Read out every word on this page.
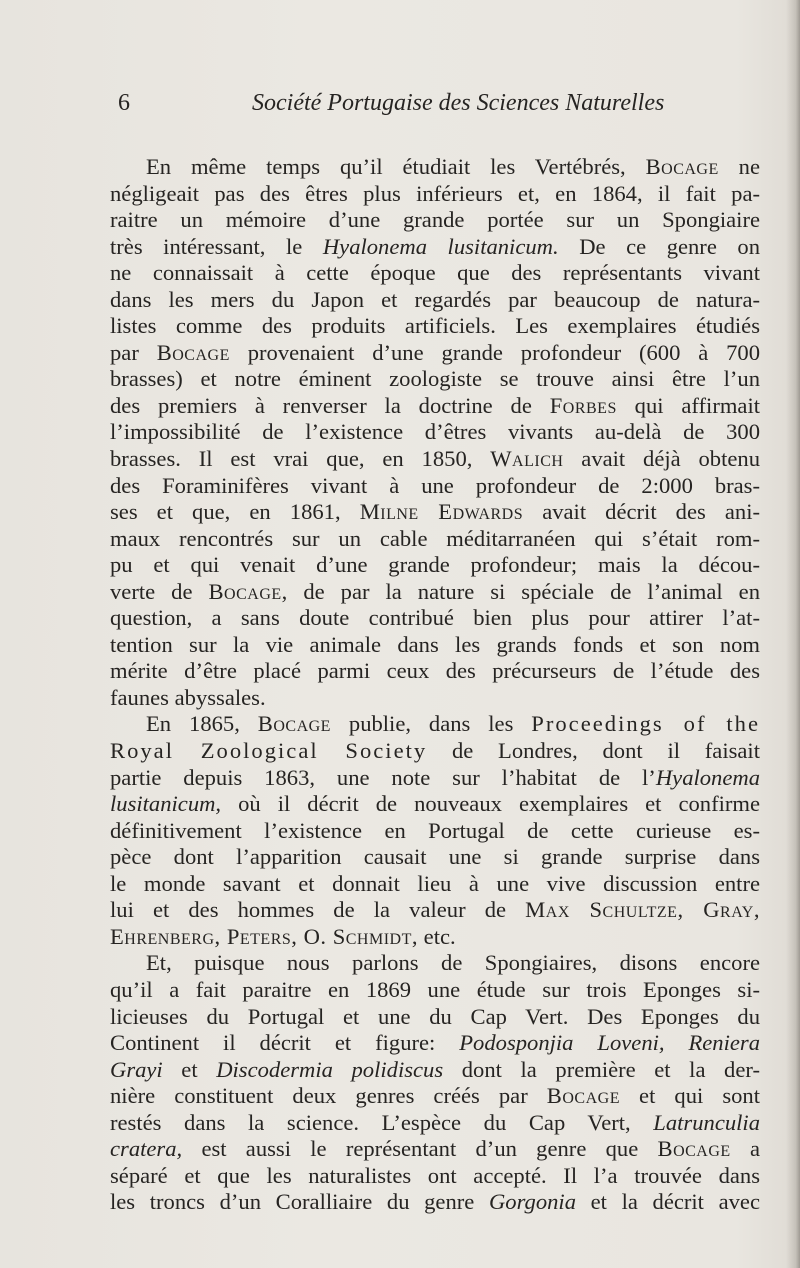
6	Société Portugaise des Sciences Naturelles
En même temps qu’il étudiait les Vertébrés, Bocage ne
négligeait pas des êtres plus inférieurs et, en 1864, il fait pa-
raitre un mémoire d’une grande portée sur un Spongiaire
très intéressant, le Hyalonema lusitanicum. De ce genre on
ne connaissait à cette époque que des représentants vivant
dans les mers du Japon et regardés par beaucoup de natura-
listes comme des produits artificiels. Les exemplaires étudiés
par Bocage provenaient d’une grande profondeur (600 à 700
brasses) et notre éminent zoologiste se trouve ainsi être l’un
des premiers à renverser la doctrine de Forbes qui affirmait
l’impossibilité de l’existence d’êtres vivants au-delà de 300
brasses. Il est vrai que, en 1850, Walich avait déjà obtenu
des Foraminifères vivant à une profondeur de 2:000 bras-
ses et que, en 1861, Milne Edwards avait décrit des ani-
maux rencontrés sur un cable méditarranéen qui s’était rom-
pu et qui venait d’une grande profondeur; mais la décou-
verte de Bocage, de par la nature si spéciale de l’animal en
question, a sans doute contribué bien plus pour attirer l’at-
tention sur la vie animale dans les grands fonds et son nom
mérite d’être placé parmi ceux des précurseurs de l’étude des
faunes abyssales.
En 1865, Bocage publie, dans les Proceedings of the
Royal Zoological Society de Londres, dont il faisait
partie depuis 1863, une note sur l’habitat de l’Hyalonema
lusitanicum, où il décrit de nouveaux exemplaires et confirme
définitivement l’existence en Portugal de cette curieuse es-
pèce dont l’apparition causait une si grande surprise dans
le monde savant et donnait lieu à une vive discussion entre
lui et des hommes de la valeur de Max Schultze, Gray,
Ehrenberg, Peters, O. Schmidt, etc.
Et, puisque nous parlons de Spongiaires, disons encore
qu’il a fait paraitre en 1869 une étude sur trois Eponges si-
licieuses du Portugal et une du Cap Vert. Des Eponges du
Continent il décrit et figure: Podosponjia Loveni, Reniera
Grayi et Discodermia polidiscus dont la première et la der-
nière constituent deux genres créés par Bocage et qui sont
restés dans la science. L’espèce du Cap Vert, Latrunculia
cratera, est aussi le représentant d’un genre que Bocage a
séparé et que les naturalistes ont accepté. Il l’a trouvée dans
les troncs d’un Coralliaire du genre Gorgonia et la décrit avec
